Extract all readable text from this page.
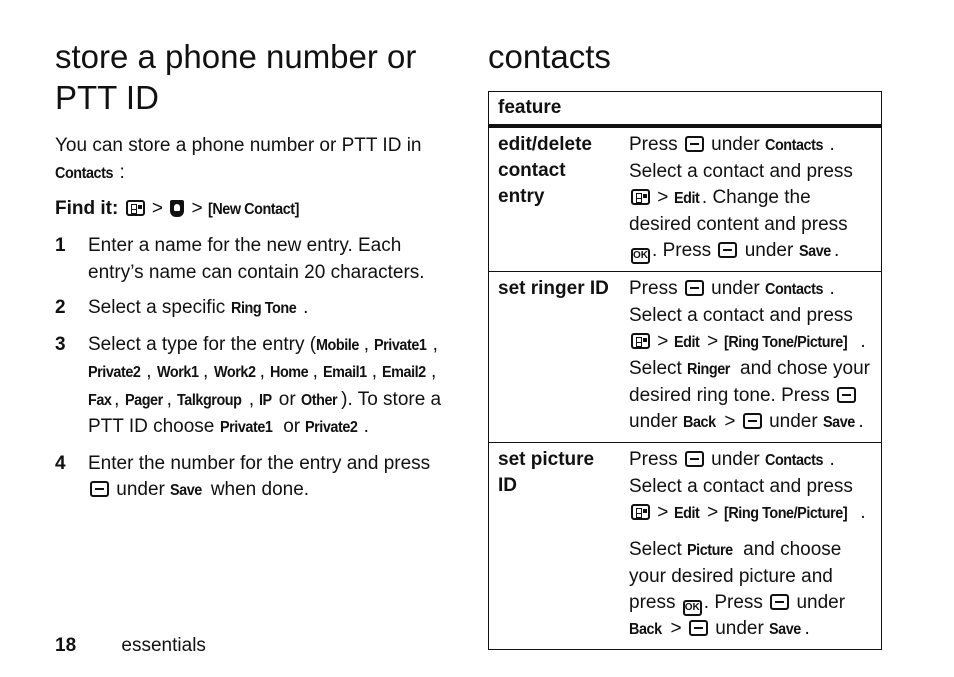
store a phone number or PTT ID
You can store a phone number or PTT ID in Contacts :
Find it:  >  > [New Contact]
1 Enter a name for the new entry. Each entry’s name can contain 20 characters.
2 Select a specific Ring Tone .
3 Select a type for the entry (Mobile , Private1 , Private2 , Work1 , Work2 , Home , Email1 , Email2 , Fax , Pager , Talkgroup , IP or Other ). To store a PTT ID choose Private1 or Private2 .
4 Enter the number for the entry and press  under Save when done.
contacts
feature	
edit/delete contact entry	Press under Contacts . Select a contact and press  > Edit . Change the desired content and press OK . Press under Save .
set ringer ID	Press under Contacts . Select a contact and press  > Edit > [Ring Tone/Picture] . Select Ringer and chose your desired ring tone. Press  under Back >  under Save .
set picture ID	Press under Contacts . Select a contact and press  > Edit > [Ring Tone/Picture] .
Select Picture and choose your desired picture and press OK . Press under Back >  under Save .
18 essentials
